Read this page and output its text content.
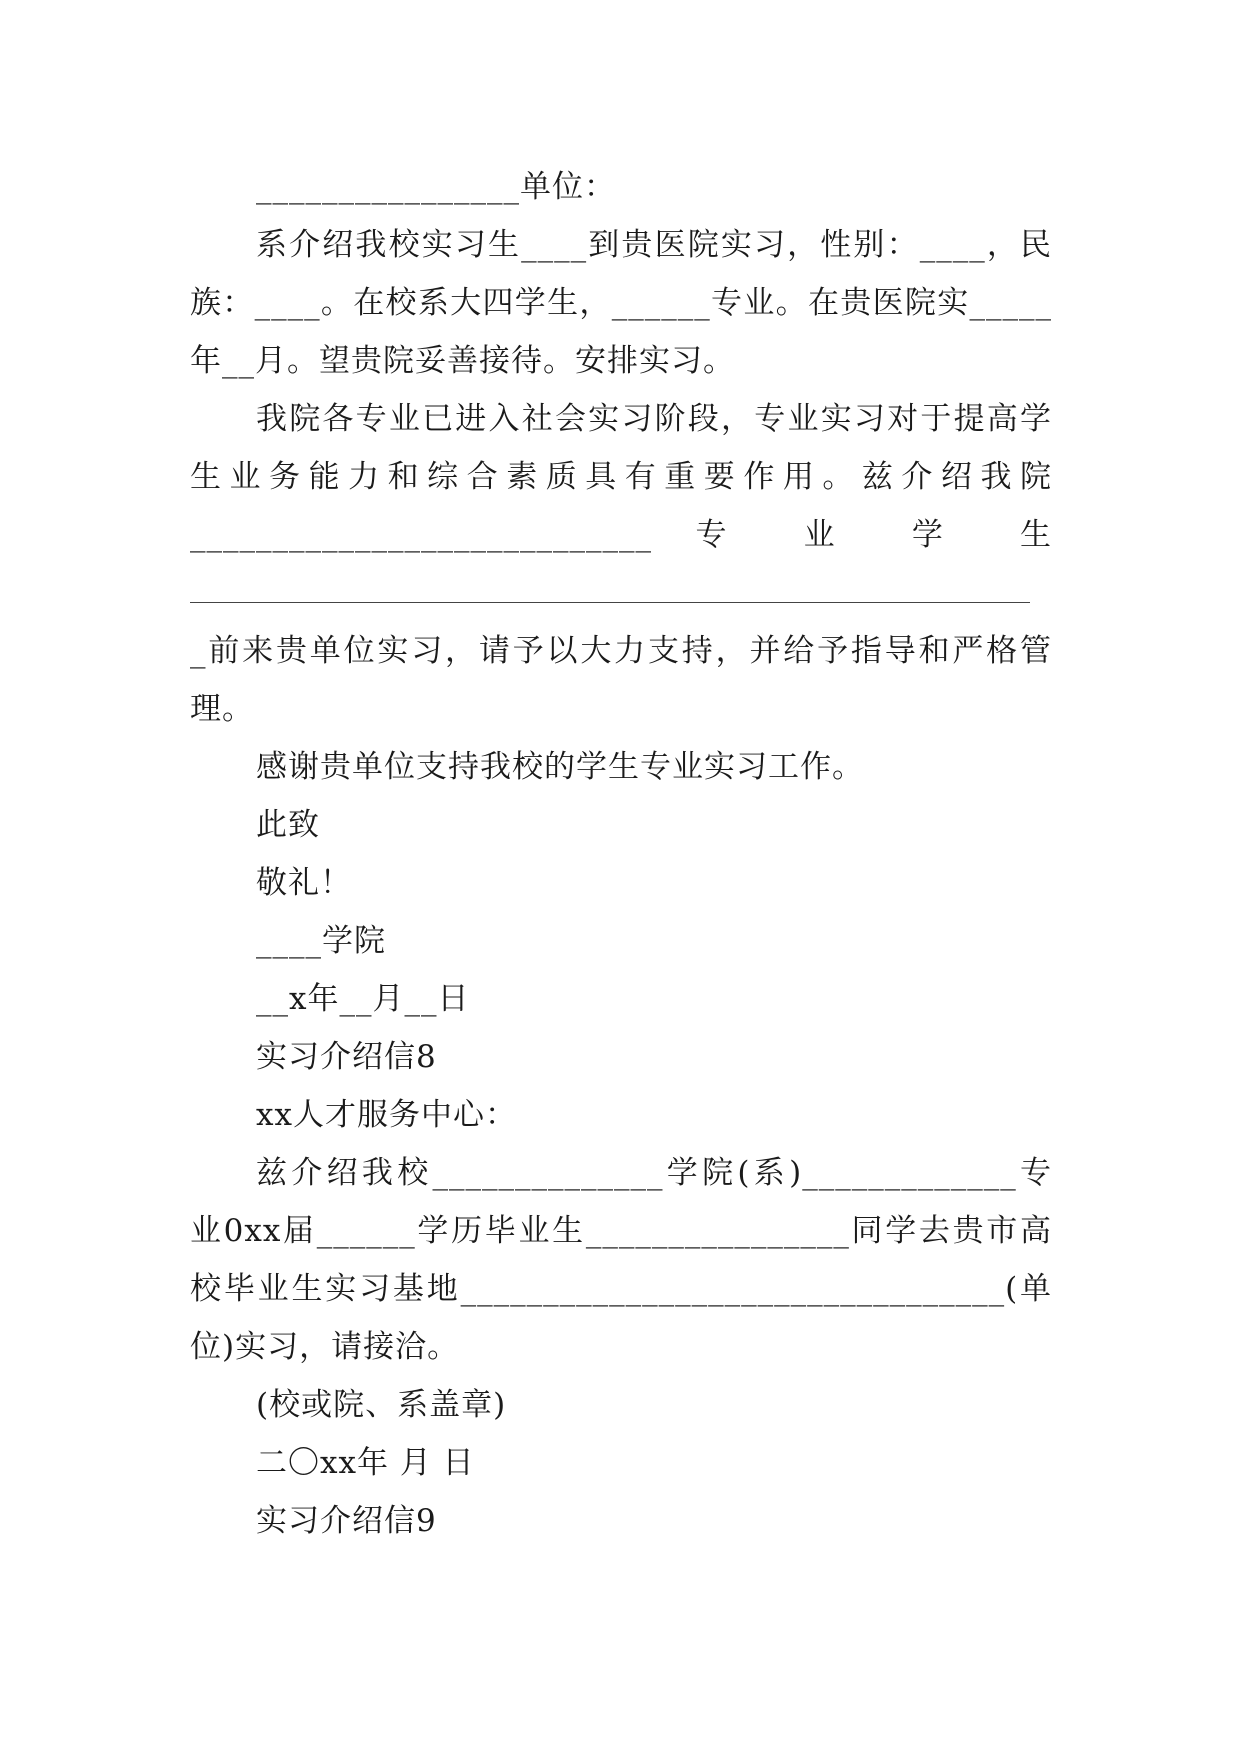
________________单位：

系介绍我校实习生____到贵医院实习，性别：____，民

族：____。在校系大四学生，______专业。在贵医院实_____

年__月。望贵院妥善接待。安排实习。

我院各专业已进入社会实习阶段，专业实习对于提高学

生业务能力和综合素质具有重要作用。兹介绍我院

____________________________ 专 业 学 生

_前来贵单位实习，请予以大力支持，并给予指导和严格管

理。

感谢贵单位支持我校的学生专业实习工作。

此致

敬礼！

____学院

__x年__月__日

实习介绍信8

xx人才服务中心：

兹介绍我校______________学院(系)_____________专

业0xx届______学历毕业生________________同学去贵市高

校毕业生实习基地_________________________________(单

位)实习，请接洽。

(校或院、系盖章)

二〇xx年 月 日

实习介绍信9
